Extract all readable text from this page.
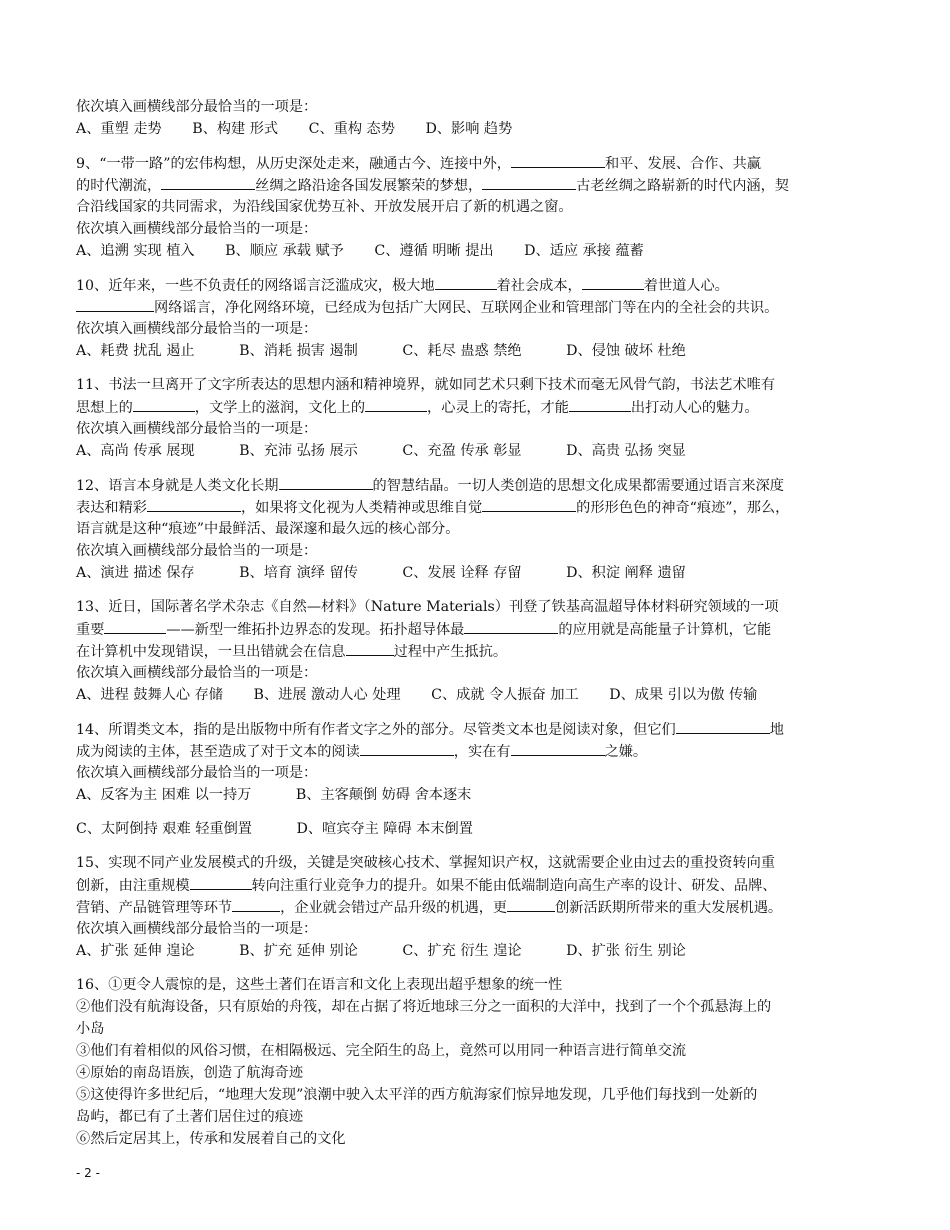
依次填入画横线部分最恰当的一项是：
A、重塑 走势 B、构建 形式 C、重构 态势 D、影响 趋势
9、“一带一路”的宏伟构想，从历史深处走来，融通古今、连接中外，	和平、发展、合作、共赢
的时代潮流，	丝绸之路沿途各国发展繁荣的梦想，	古老丝绸之路崭新的时代内涵，契
合沿线国家的共同需求，为沿线国家优势互补、开放发展开启了新的机遇之窗。
依次填入画横线部分最恰当的一项是：
A、追溯 实现 植入 B、顺应 承载 赋予 C、遵循 明晰 提出 D、适应 承接 蕴蓄
10、近年来，一些不负责任的网络谣言泛滥成灾，极大地	着社会成本，	着世道人心。
网络谣言，净化网络环境，已经成为包括广大网民、互联网企业和管理部门等在内的全社会的共识。
依次填入画横线部分最恰当的一项是：
A、耗费 扰乱 遏止	B、消耗 损害 遏制	C、耗尽 蛊惑 禁绝	D、侵蚀 破坏 杜绝
11、书法一旦离开了文字所表达的思想内涵和精神境界，就如同艺术只剩下技术而毫无风骨气韵，书法艺术唯有
思想上的	，文学上的滋润，文化上的	，心灵上的寄托，才能	出打动人心的魅力。
依次填入画横线部分最恰当的一项是：
A、高尚 传承 展现	B、充沛 弘扬 展示	C、充盈 传承 彰显	D、高贵 弘扬 突显
12、语言本身就是人类文化长期	的智慧结晶。一切人类创造的思想文化成果都需要通过语言来深度
表达和精彩	，如果将文化视为人类精神或思维自觉	的形形色色的神奇“痕迹”，那么，
语言就是这种“痕迹”中最鲜活、最深邃和最久远的核心部分。
依次填入画横线部分最恰当的一项是：
A、演进 描述 保存	B、培育 演绎 留传	C、发展 诠释 存留	D、积淀 阐释 遗留
13、近日，国际著名学术杂志《自然—材料》（Nature Materials）刊登了铁基高温超导体材料研究领域的一项
重要	——新型一维拓扑边界态的发现。拓扑超导体最	的应用就是高能量子计算机，它能
在计算机中发现错误，一旦出错就会在信息	过程中产生抵抗。
依次填入画横线部分最恰当的一项是：
A、进程 鼓舞人心 存储 B、进展 激动人心 处理 C、成就 令人振奋 加工 D、成果 引以为傲 传输
14、所谓类文本，指的是出版物中所有作者文字之外的部分。尽管类文本也是阅读对象，但它们	地
成为阅读的主体，甚至造成了对于文本的阅读	，实在有	之嫌。
依次填入画横线部分最恰当的一项是：
A、反客为主 困难 以一持万	B、主客颠倒 妨碍 舍本逐末
C、太阿倒持 艰难 轻重倒置	D、喧宾夺主 障碍 本末倒置
15、实现不同产业发展模式的升级，关键是突破核心技术、掌握知识产权，这就需要企业由过去的重投资转向重
创新，由注重规模	转向注重行业竞争力的提升。如果不能由低端制造向高生产率的设计、研发、品牌、
营销、产品链管理等环节	，企业就会错过产品升级的机遇，更	创新活跃期所带来的重大发展机遇。
依次填入画横线部分最恰当的一项是：
A、扩张 延伸 遑论	B、扩充 延伸 别论	C、扩充 衍生 遑论	D、扩张 衍生 别论
16、①更令人震惊的是，这些土著们在语言和文化上表现出超乎想象的统一性
②他们没有航海设备，只有原始的舟筏，却在占据了将近地球三分之一面积的大洋中，找到了一个个孤悬海上的
小岛
③他们有着相似的风俗习惯，在相隔极远、完全陌生的岛上，竟然可以用同一种语言进行简单交流
④原始的南岛语族，创造了航海奇迹
⑤这使得许多世纪后，“地理大发现”浪潮中驶入太平洋的西方航海家们惊异地发现，几乎他们每找到一处新的
岛屿，都已有了土著们居住过的痕迹
⑥然后定居其上，传承和发展着自己的文化
- 2 -
